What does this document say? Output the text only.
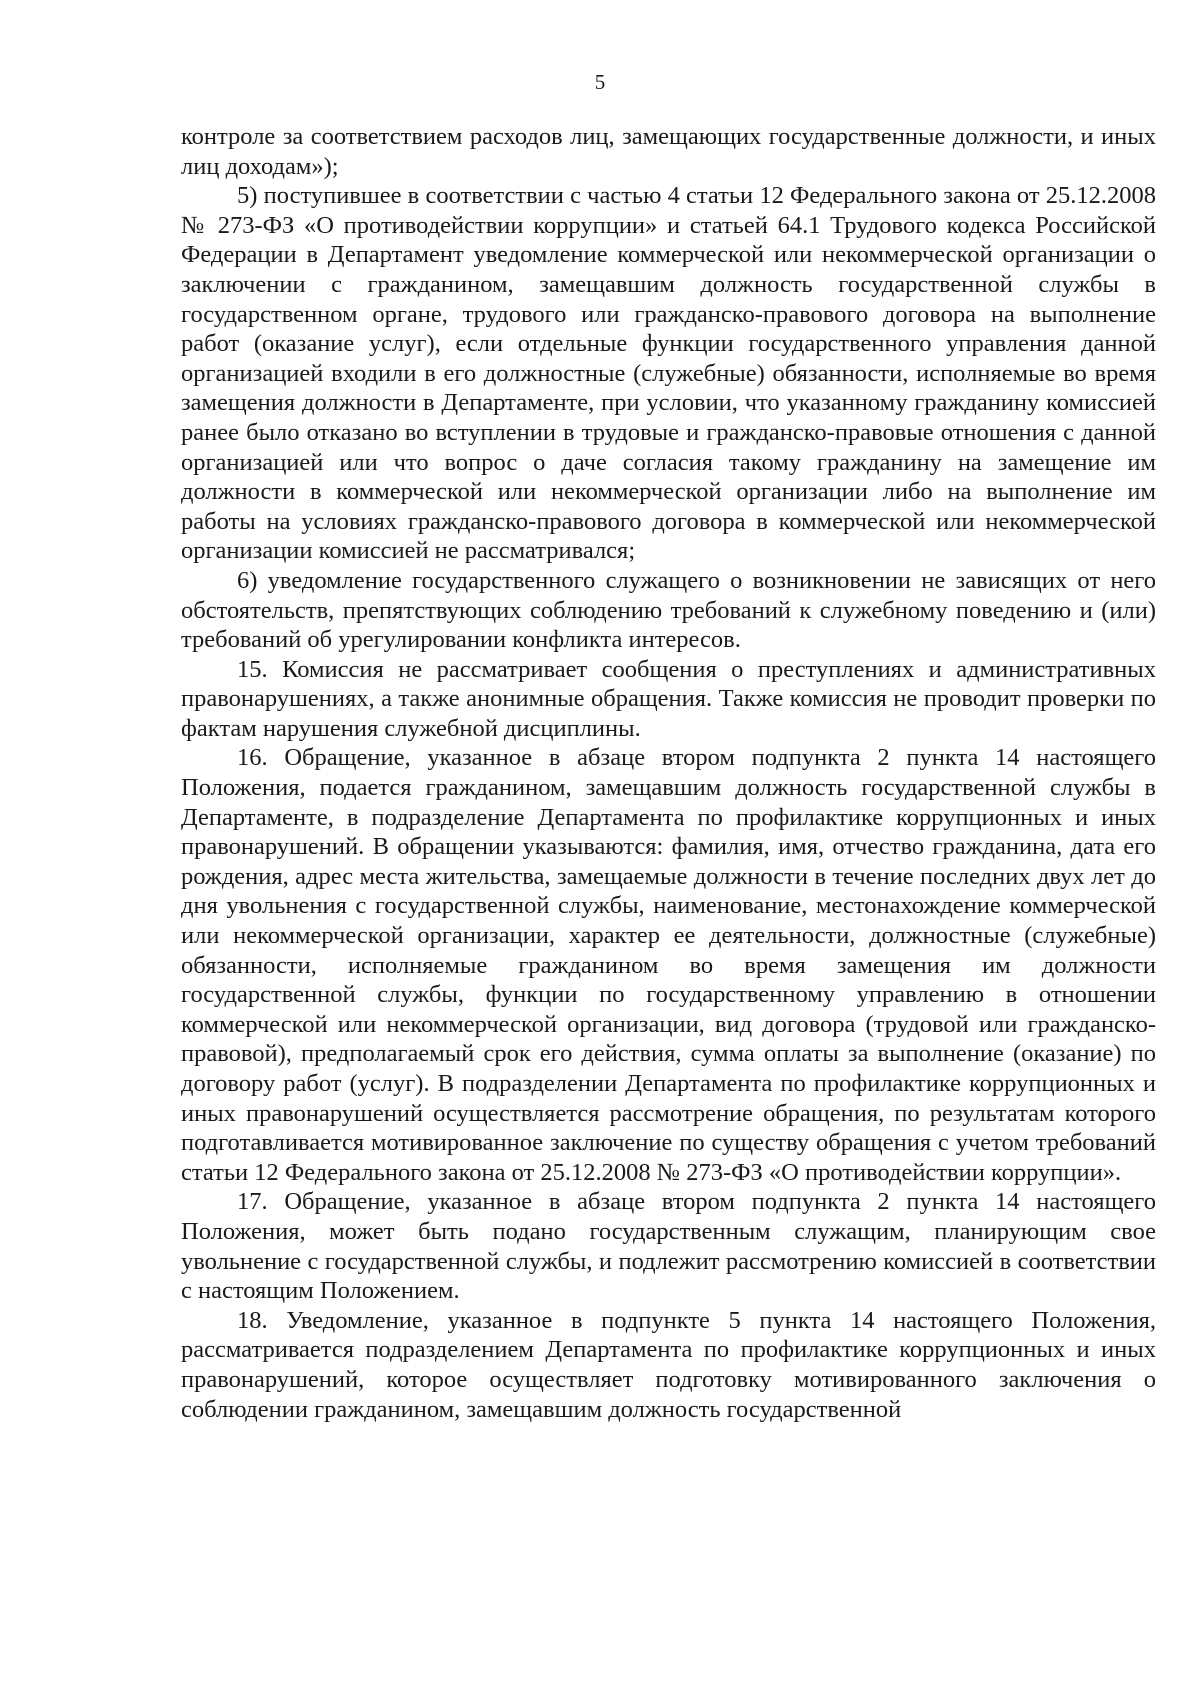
5

контроле за соответствием расходов лиц, замещающих государственные должности, и иных лиц доходам»);

5) поступившее в соответствии с частью 4 статьи 12 Федерального закона от 25.12.2008 № 273-ФЗ «О противодействии коррупции» и статьей 64.1 Трудового кодекса Российской Федерации в Департамент уведомление коммерческой или некоммерческой организации о заключении с гражданином, замещавшим должность государственной службы в государственном органе, трудового или гражданско-правового договора на выполнение работ (оказание услуг), если отдельные функции государственного управления данной организацией входили в его должностные (служебные) обязанности, исполняемые во время замещения должности в Департаменте, при условии, что указанному гражданину комиссией ранее было отказано во вступлении в трудовые и гражданско-правовые отношения с данной организацией или что вопрос о даче согласия такому гражданину на замещение им должности в коммерческой или некоммерческой организации либо на выполнение им работы на условиях гражданско-правового договора в коммерческой или некоммерческой организации комиссией не рассматривался;

6) уведомление государственного служащего о возникновении не зависящих от него обстоятельств, препятствующих соблюдению требований к служебному поведению и (или) требований об урегулировании конфликта интересов.

15. Комиссия не рассматривает сообщения о преступлениях и административных правонарушениях, а также анонимные обращения. Также комиссия не проводит проверки по фактам нарушения служебной дисциплины.

16. Обращение, указанное в абзаце втором подпункта 2 пункта 14 настоящего Положения, подается гражданином, замещавшим должность государственной службы в Департаменте, в подразделение Департамента по профилактике коррупционных и иных правонарушений. В обращении указываются: фамилия, имя, отчество гражданина, дата его рождения, адрес места жительства, замещаемые должности в течение последних двух лет до дня увольнения с государственной службы, наименование, местонахождение коммерческой или некоммерческой организации, характер ее деятельности, должностные (служебные) обязанности, исполняемые гражданином во время замещения им должности государственной службы, функции по государственному управлению в отношении коммерческой или некоммерческой организации, вид договора (трудовой или гражданско-правовой), предполагаемый срок его действия, сумма оплаты за выполнение (оказание) по договору работ (услуг). В подразделении Департамента по профилактике коррупционных и иных правонарушений осуществляется рассмотрение обращения, по результатам которого подготавливается мотивированное заключение по существу обращения с учетом требований статьи 12 Федерального закона от 25.12.2008 № 273-ФЗ «О противодействии коррупции».

17. Обращение, указанное в абзаце втором подпункта 2 пункта 14 настоящего Положения, может быть подано государственным служащим, планирующим свое увольнение с государственной службы, и подлежит рассмотрению комиссией в соответствии с настоящим Положением.

18. Уведомление, указанное в подпункте 5 пункта 14 настоящего Положения, рассматривается подразделением Департамента по профилактике коррупционных и иных правонарушений, которое осуществляет подготовку мотивированного заключения о соблюдении гражданином, замещавшим должность государственной
